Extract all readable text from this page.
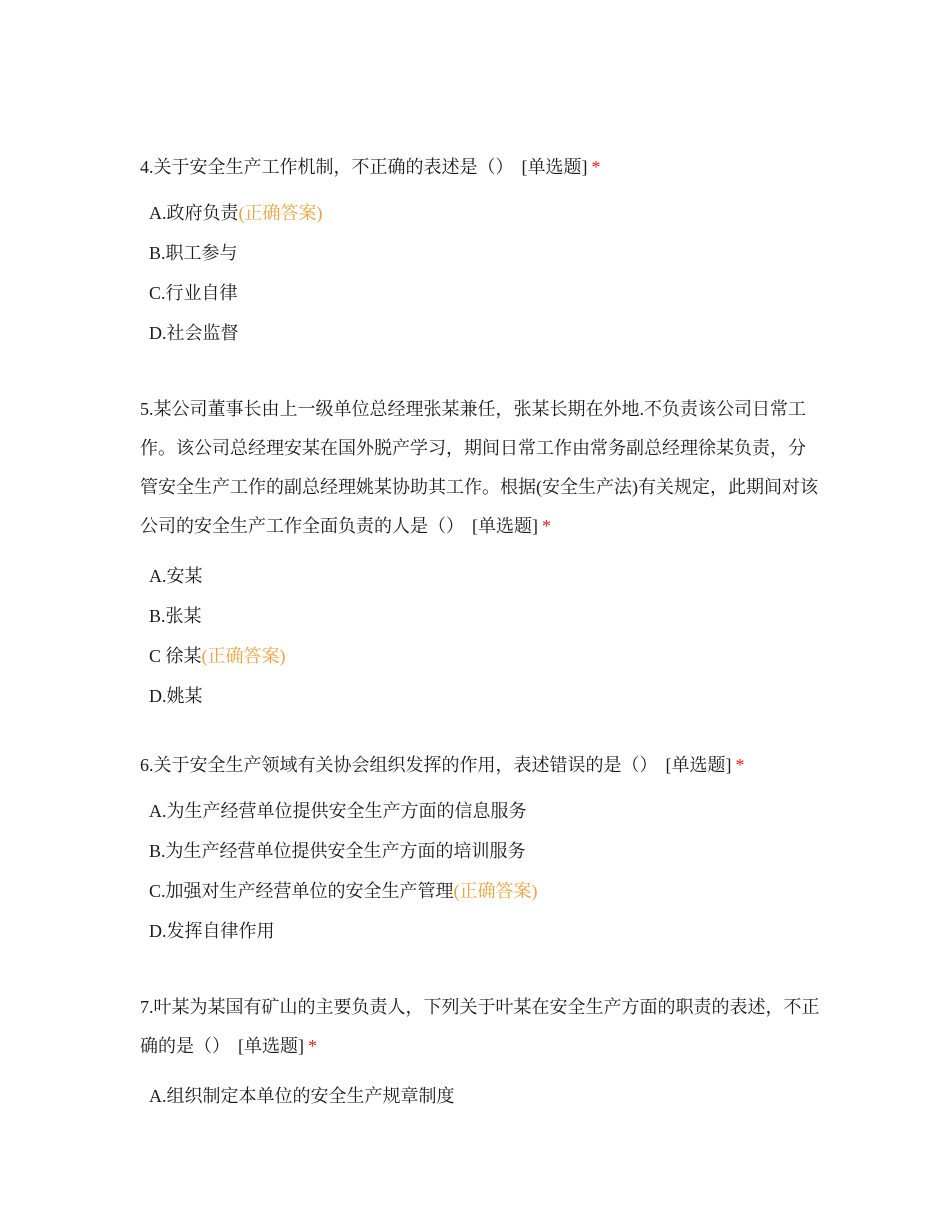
4.关于安全生产工作机制，不正确的表述是（） [单选题] *

A.政府负责(正确答案)
B.职工参与
C.行业自律
D.社会监督

5.某公司董事长由上一级单位总经理张某兼任，张某长期在外地.不负责该公司日常工作。该公司总经理安某在国外脱产学习，期间日常工作由常务副总经理徐某负责，分管安全生产工作的副总经理姚某协助其工作。根据(安全生产法)有关规定，此期间对该公司的安全生产工作全面负责的人是（） [单选题] *

A.安某
B.张某
C 徐某(正确答案)
D.姚某

6.关于安全生产领域有关协会组织发挥的作用，表述错误的是（） [单选题] *

A.为生产经营单位提供安全生产方面的信息服务
B.为生产经营单位提供安全生产方面的培训服务
C.加强对生产经营单位的安全生产管理(正确答案)
D.发挥自律作用

7.叶某为某国有矿山的主要负责人，下列关于叶某在安全生产方面的职责的表述，不正确的是（） [单选题] *

A.组织制定本单位的安全生产规章制度
